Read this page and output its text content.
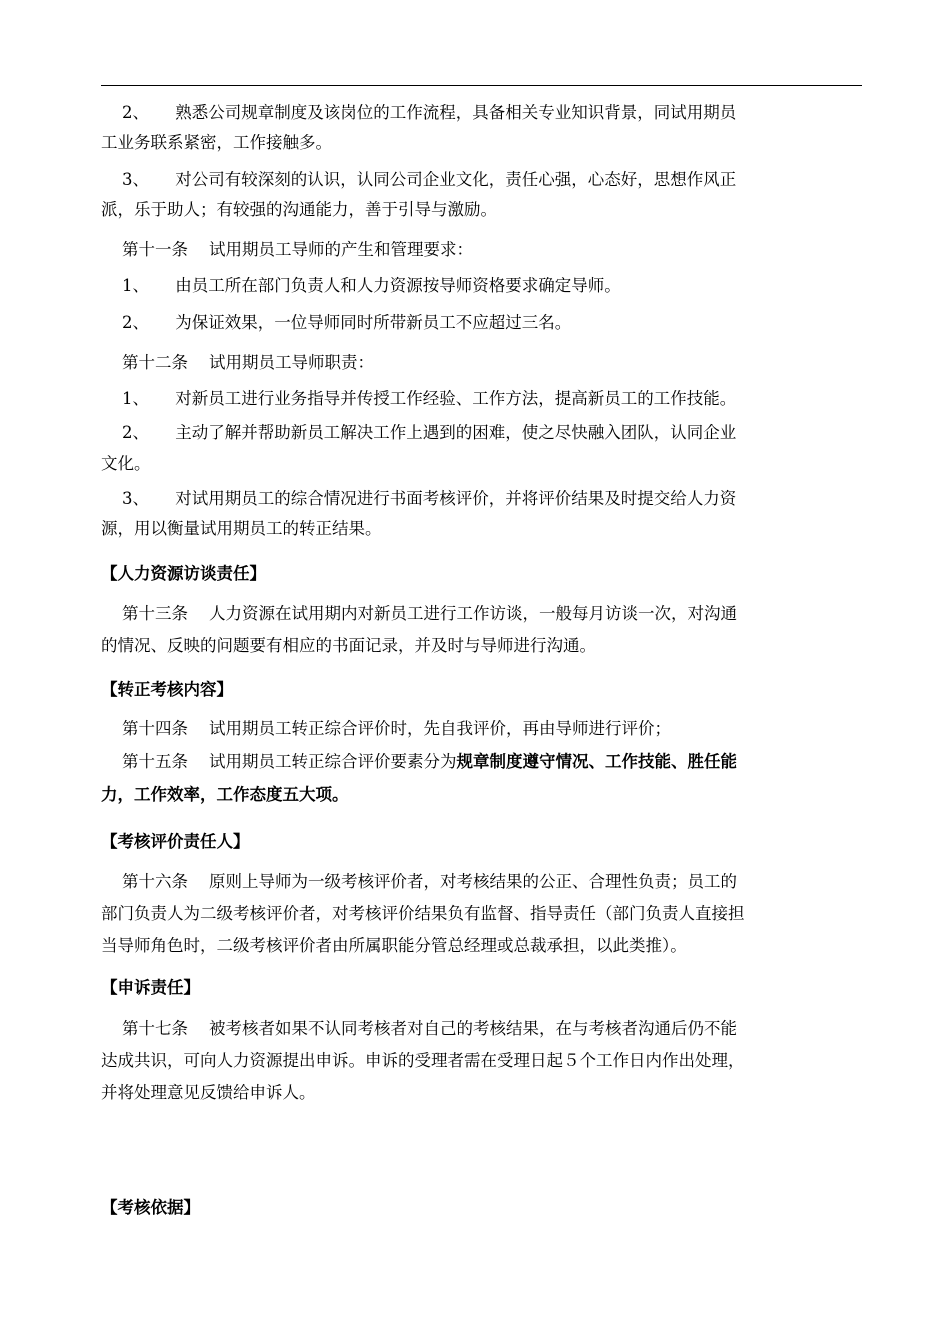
2、     熟悉公司规章制度及该岗位的工作流程，具备相关专业知识背景，同试用期员
工业务联系紧密，工作接触多。
3、     对公司有较深刻的认识，认同公司企业文化，责任心强，心态好，思想作风正
派，乐于助人；有较强的沟通能力，善于引导与激励。
第十一条    试用期员工导师的产生和管理要求：
1、     由员工所在部门负责人和人力资源按导师资格要求确定导师。
2、     为保证效果，一位导师同时所带新员工不应超过三名。
第十二条    试用期员工导师职责：
1、     对新员工进行业务指导并传授工作经验、工作方法，提高新员工的工作技能。
2、     主动了解并帮助新员工解决工作上遇到的困难，使之尽快融入团队，认同企业
文化。
3、     对试用期员工的综合情况进行书面考核评价，并将评价结果及时提交给人力资
源，用以衡量试用期员工的转正结果。
【人力资源访谈责任】
第十三条    人力资源在试用期内对新员工进行工作访谈，一般每月访谈一次，对沟通
的情况、反映的问题要有相应的书面记录，并及时与导师进行沟通。
【转正考核内容】
第十四条    试用期员工转正综合评价时，先自我评价，再由导师进行评价；
第十五条    试用期员工转正综合评价要素分为规章制度遵守情况、工作技能、胜任能
力，工作效率，工作态度五大项。
【考核评价责任人】
第十六条    原则上导师为一级考核评价者，对考核结果的公正、合理性负责；员工的
部门负责人为二级考核评价者，对考核评价结果负有监督、指导责任（部门负责人直接担
当导师角色时，二级考核评价者由所属职能分管总经理或总裁承担，以此类推）。
【申诉责任】
第十七条    被考核者如果不认同考核者对自己的考核结果，在与考核者沟通后仍不能
达成共识，可向人力资源提出申诉。申诉的受理者需在受理日起５个工作日内作出处理，
并将处理意见反馈给申诉人。
【考核依据】
